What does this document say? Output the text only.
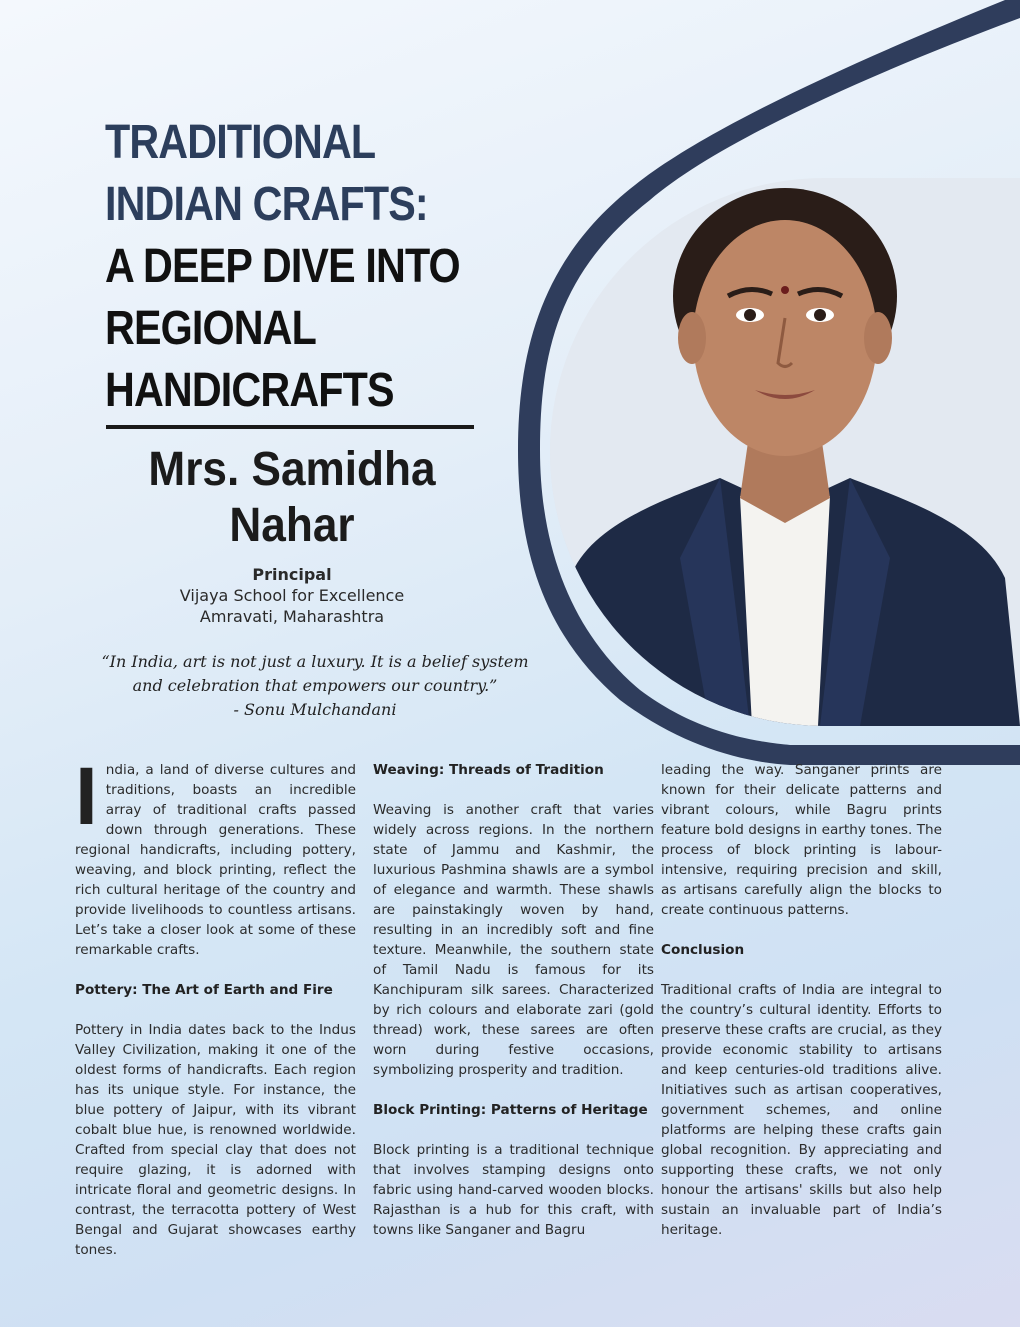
TRADITIONAL
INDIAN CRAFTS:
A DEEP DIVE INTO
REGIONAL
HANDICRAFTS
Mrs. Samidha
Nahar
Principal
Vijaya School for Excellence
Amravati, Maharashtra
“In India, art is not just a luxury. It is a belief system
and celebration that empowers our country.”
- Sonu Mulchandani

India, a land of diverse cultures and traditions, boasts an incredible array of traditional crafts passed down through generations. These regional handicrafts, including pottery, weaving, and block printing, reflect the rich cultural heritage of the country and provide livelihoods to countless artisans. Let’s take a closer look at some of these remarkable crafts.

Pottery: The Art of Earth and Fire

Pottery in India dates back to the Indus Valley Civilization, making it one of the oldest forms of handicrafts. Each region has its unique style. For instance, the blue pottery of Jaipur, with its vibrant cobalt blue hue, is renowned worldwide. Crafted from special clay that does not require glazing, it is adorned with intricate floral and geometric designs. In contrast, the terracotta pottery of West Bengal and Gujarat showcases earthy tones.

Weaving: Threads of Tradition

Weaving is another craft that varies widely across regions. In the northern state of Jammu and Kashmir, the luxurious Pashmina shawls are a symbol of elegance and warmth. These shawls are painstakingly woven by hand, resulting in an incredibly soft and fine texture. Meanwhile, the southern state of Tamil Nadu is famous for its Kanchipuram silk sarees. Characterized by rich colours and elaborate zari (gold thread) work, these sarees are often worn during festive occasions, symbolizing prosperity and tradition.

Block Printing: Patterns of Heritage

Block printing is a traditional technique that involves stamping designs onto fabric using hand-carved wooden blocks. Rajasthan is a hub for this craft, with towns like Sanganer and Bagru

leading the way. Sanganer prints are known for their delicate patterns and vibrant colours, while Bagru prints feature bold designs in earthy tones. The process of block printing is labour-intensive, requiring precision and skill, as artisans carefully align the blocks to create continuous patterns.

Conclusion

Traditional crafts of India are integral to the country’s cultural identity. Efforts to preserve these crafts are crucial, as they provide economic stability to artisans and keep centuries-old traditions alive. Initiatives such as artisan cooperatives, government schemes, and online platforms are helping these crafts gain global recognition. By appreciating and supporting these crafts, we not only honour the artisans' skills but also help sustain an invaluable part of India’s heritage.
